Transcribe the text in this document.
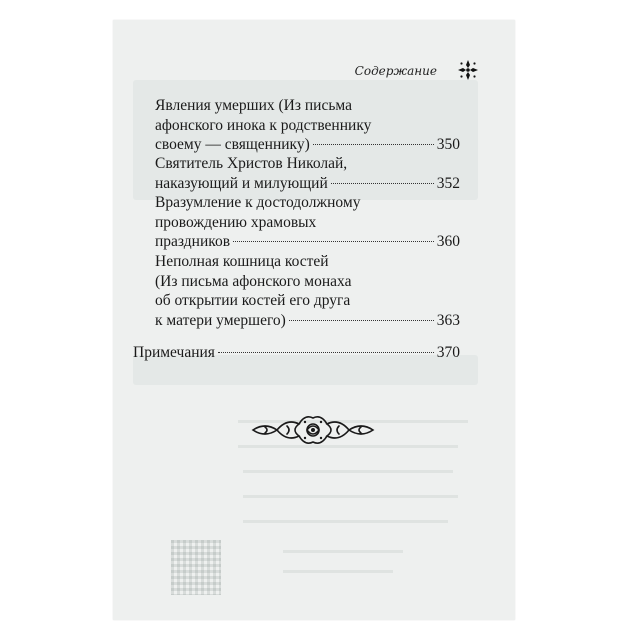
Содержание
Явления умерших (Из письма
афонского инока к родственнику
своему — священнику)	350
Святитель Христов Николай,
наказующий и милующий	352
Вразумление к достодолжному
провождению храмовых
праздников	360
Неполная кошница костей
(Из письма афонского монаха
об открытии костей его друга
к матери умершего)	363
Примечания	370
